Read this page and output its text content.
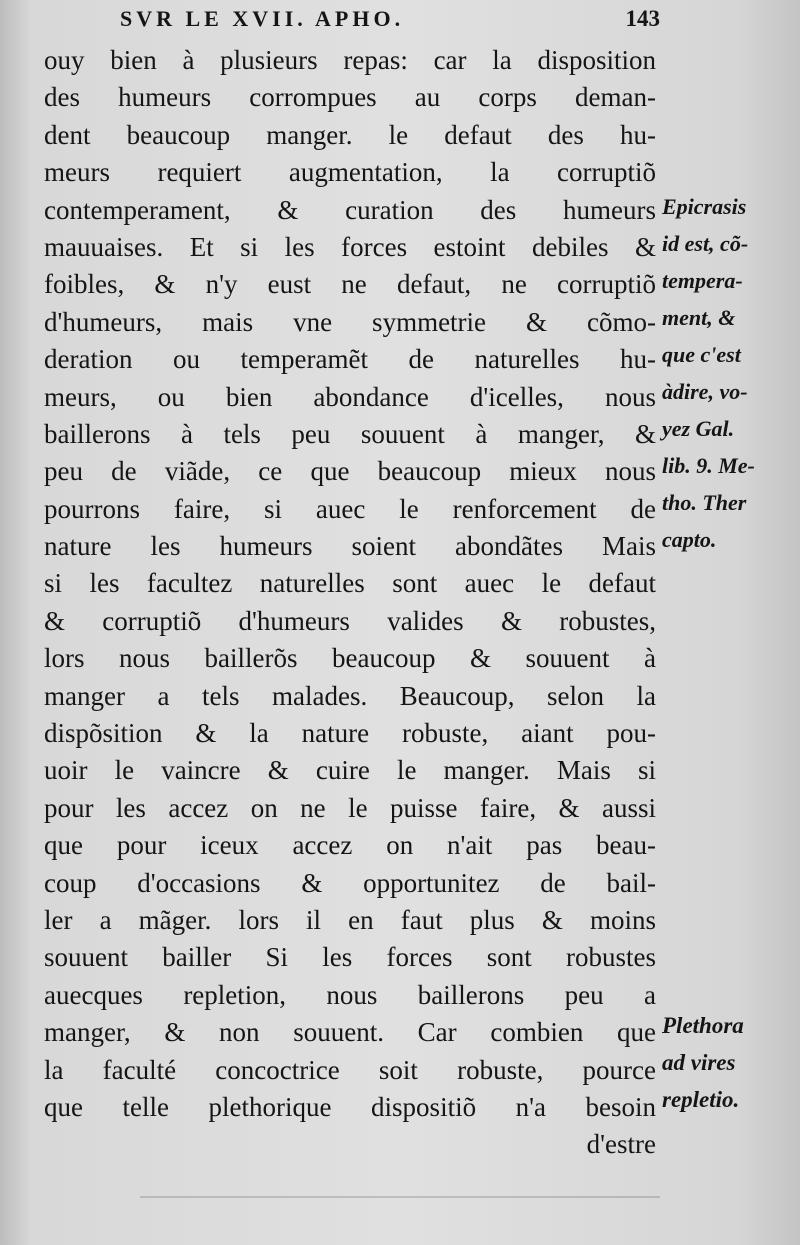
SVR LE XVII. APHO.	143
ouy bien à plusieurs repas: car la disposition
des humeurs corrompues au corps deman-
dent beaucoup manger. le defaut des hu-
meurs requiert augmentation, la corruptiõ
contemperament, & curation des humeurs
mauuaises. Et si les forces estoint debiles &
foibles, & n'y eust ne defaut, ne corruptiõ
d'humeurs, mais vne symmetrie & cõmo-
deration ou temperamẽt de naturelles hu-
meurs, ou bien abondance d'icelles, nous
baillerons à tels peu souuent à manger, &
peu de viãde, ce que beaucoup mieux nous
pourrons faire, si auec le renforcement de
nature les humeurs soient abondãtes Mais
si les facultez naturelles sont auec le defaut
& corruptiõ d'humeurs valides & robustes,
lors nous baillerõs beaucoup & souuent à
manger a tels malades. Beaucoup, selon la
dispõsition & la nature robuste, aiant pou-
uoir le vaincre & cuire le manger. Mais si
pour les accez on ne le puisse faire, & aussi
que pour iceux accez on n'ait pas beau-
coup d'occasions & opportunitez de bail-
ler a mãger. lors il en faut plus & moins
souuent bailler Si les forces sont robustes
auecques repletion, nous baillerons peu a
manger, & non souuent. Car combien que
la faculté concoctrice soit robuste, pource
que telle plethorique dispositiõ n'a besoin
d'estre
Epicrasis
id est, cõ-
tempera-
ment, &
que c'est
àdire, vo-
yez Gal.
lib. 9. Me-
tho. Ther
capto.
Plethora
ad vires
repletio.
